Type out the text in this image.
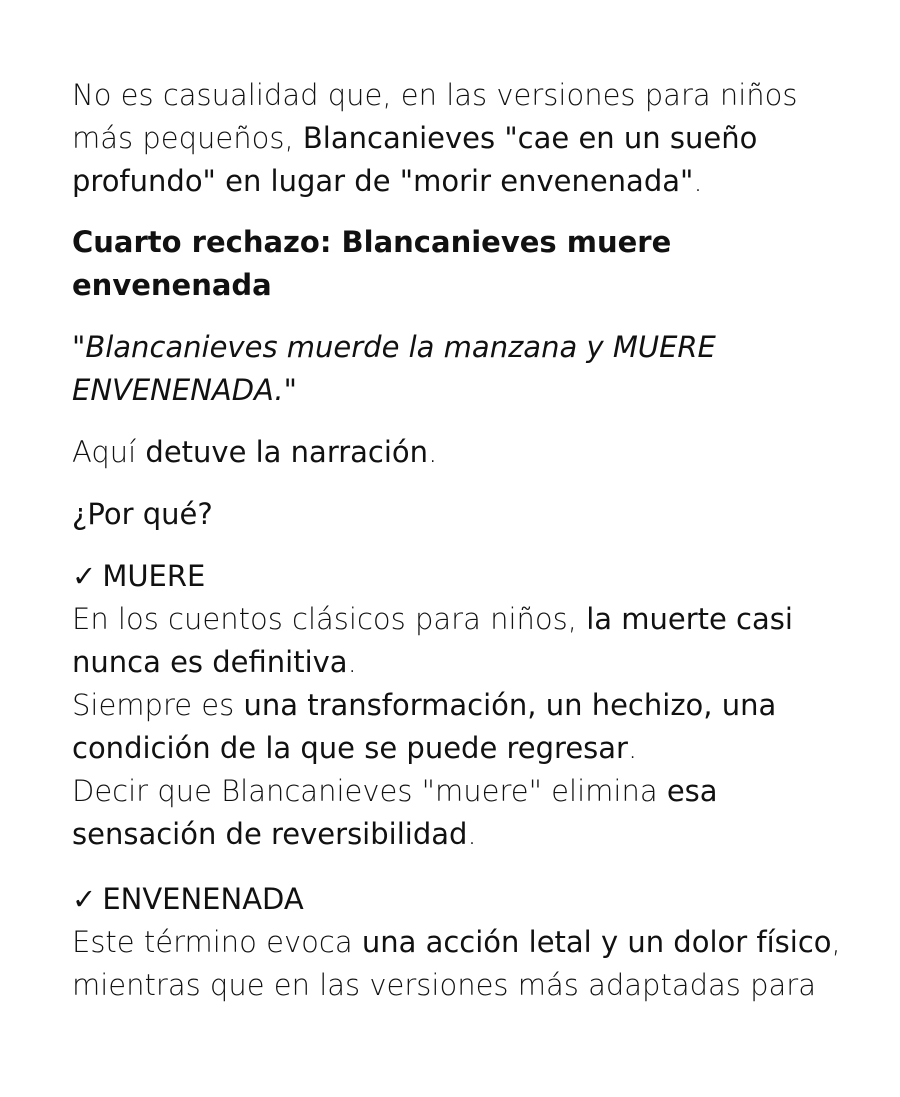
No es casualidad que, en las versiones para niños más pequeños, Blancanieves "cae en un sueño profundo" en lugar de "morir envenenada".

Cuarto rechazo: Blancanieves muere envenenada

"Blancanieves muerde la manzana y MUERE ENVENENADA."

Aquí detuve la narración.

¿Por qué?

✓ MUERE

En los cuentos clásicos para niños, la muerte casi nunca es definitiva.

Siempre es una transformación, un hechizo, una condición de la que se puede regresar.

Decir que Blancanieves "muere" elimina esa sensación de reversibilidad.

✓ ENVENENADA

Este término evoca una acción letal y un dolor físico, mientras que en las versiones más adaptadas para
